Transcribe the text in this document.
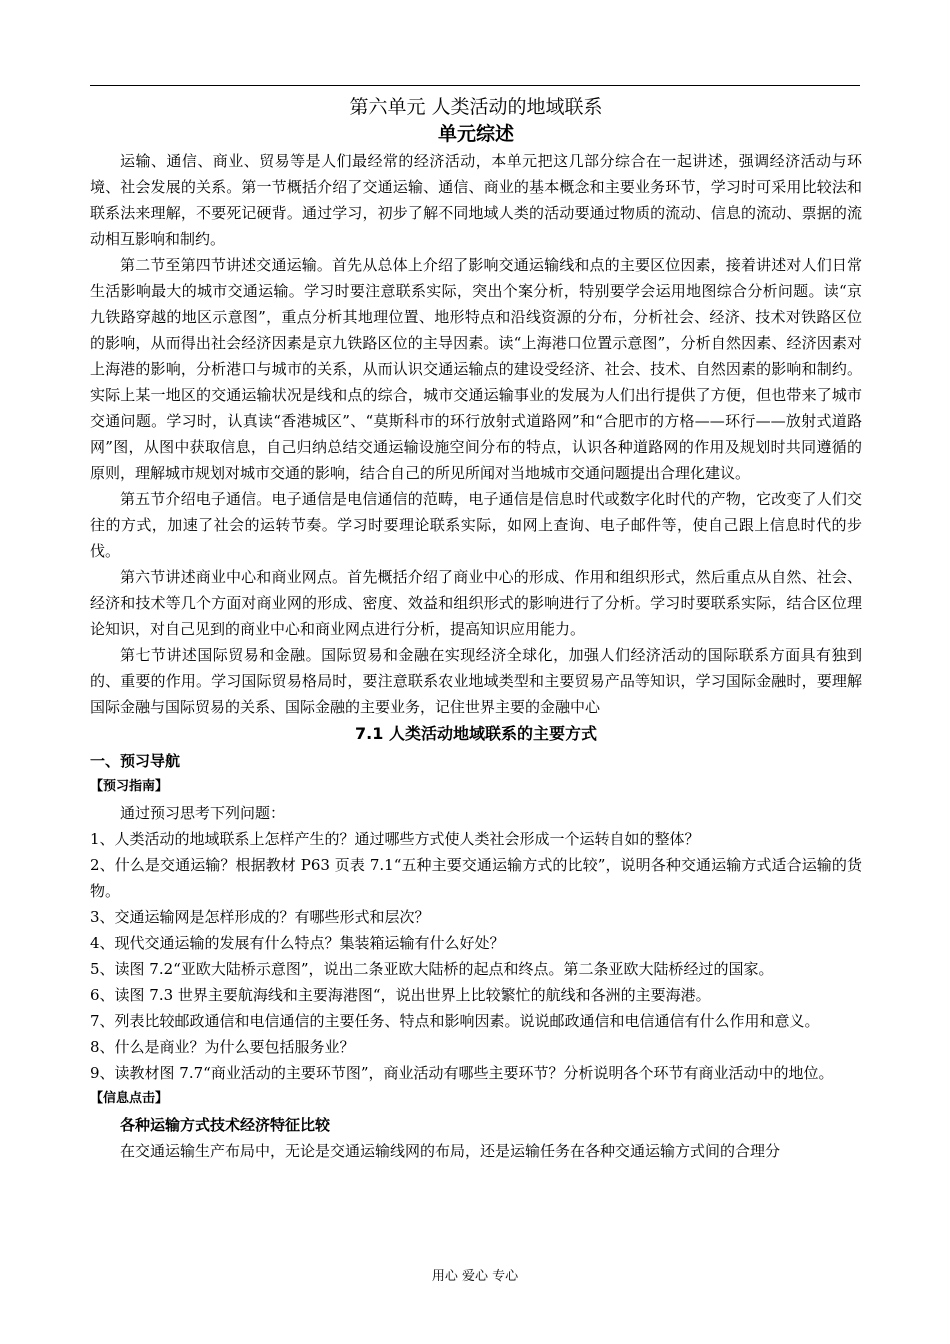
第六单元 人类活动的地域联系
单元综述

运输、通信、商业、贸易等是人们最经常的经济活动，本单元把这几部分综合在一起讲述，强调经济活动与环境、社会发展的关系。第一节概括介绍了交通运输、通信、商业的基本概念和主要业务环节，学习时可采用比较法和联系法来理解，不要死记硬背。通过学习，初步了解不同地域人类的活动要通过物质的流动、信息的流动、票据的流动相互影响和制约。

第二节至第四节讲述交通运输。首先从总体上介绍了影响交通运输线和点的主要区位因素，接着讲述对人们日常生活影响最大的城市交通运输。学习时要注意联系实际，突出个案分析，特别要学会运用地图综合分析问题。读“京九铁路穿越的地区示意图”，重点分析其地理位置、地形特点和沿线资源的分布，分析社会、经济、技术对铁路区位的影响，从而得出社会经济因素是京九铁路区位的主导因素。读“上海港口位置示意图”，分析自然因素、经济因素对上海港的影响，分析港口与城市的关系，从而认识交通运输点的建设受经济、社会、技术、自然因素的影响和制约。实际上某一地区的交通运输状况是线和点的综合，城市交通运输事业的发展为人们出行提供了方便，但也带来了城市交通问题。学习时，认真读“香港城区”、“莫斯科市的环行放射式道路网”和“合肥市的方格——环行——放射式道路网”图，从图中获取信息，自己归纳总结交通运输设施空间分布的特点，认识各种道路网的作用及规划时共同遵循的原则，理解城市规划对城市交通的影响，结合自己的所见所闻对当地城市交通问题提出合理化建议。

第五节介绍电子通信。电子通信是电信通信的范畴，电子通信是信息时代或数字化时代的产物，它改变了人们交往的方式，加速了社会的运转节奏。学习时要理论联系实际，如网上查询、电子邮件等，使自己跟上信息时代的步伐。

第六节讲述商业中心和商业网点。首先概括介绍了商业中心的形成、作用和组织形式，然后重点从自然、社会、经济和技术等几个方面对商业网的形成、密度、效益和组织形式的影响进行了分析。学习时要联系实际，结合区位理论知识，对自己见到的商业中心和商业网点进行分析，提高知识应用能力。

第七节讲述国际贸易和金融。国际贸易和金融在实现经济全球化，加强人们经济活动的国际联系方面具有独到的、重要的作用。学习国际贸易格局时，要注意联系农业地域类型和主要贸易产品等知识，学习国际金融时，要理解国际金融与国际贸易的关系、国际金融的主要业务，记住世界主要的金融中心

7.1 人类活动地域联系的主要方式
一、预习导航
【预习指南】

通过预习思考下列问题：

1、人类活动的地域联系上怎样产生的？通过哪些方式使人类社会形成一个运转自如的整体？

2、什么是交通运输？根据教材 P63 页表 7.1“五种主要交通运输方式的比较”，说明各种交通运输方式适合运输的货物。

3、交通运输网是怎样形成的？有哪些形式和层次？

4、现代交通运输的发展有什么特点？集装箱运输有什么好处？

5、读图 7.2“亚欧大陆桥示意图”，说出二条亚欧大陆桥的起点和终点。第二条亚欧大陆桥经过的国家。

6、读图 7.3 世界主要航海线和主要海港图“，说出世界上比较繁忙的航线和各洲的主要海港。

7、列表比较邮政通信和电信通信的主要任务、特点和影响因素。说说邮政通信和电信通信有什么作用和意义。

8、什么是商业？为什么要包括服务业？

9、读教材图 7.7“商业活动的主要环节图”，商业活动有哪些主要环节？分析说明各个环节有商业活动中的地位。

【信息点击】
各种运输方式技术经济特征比较

在交通运输生产布局中，无论是交通运输线网的布局，还是运输任务在各种交通运输方式间的合理分

用心 爱心 专心
